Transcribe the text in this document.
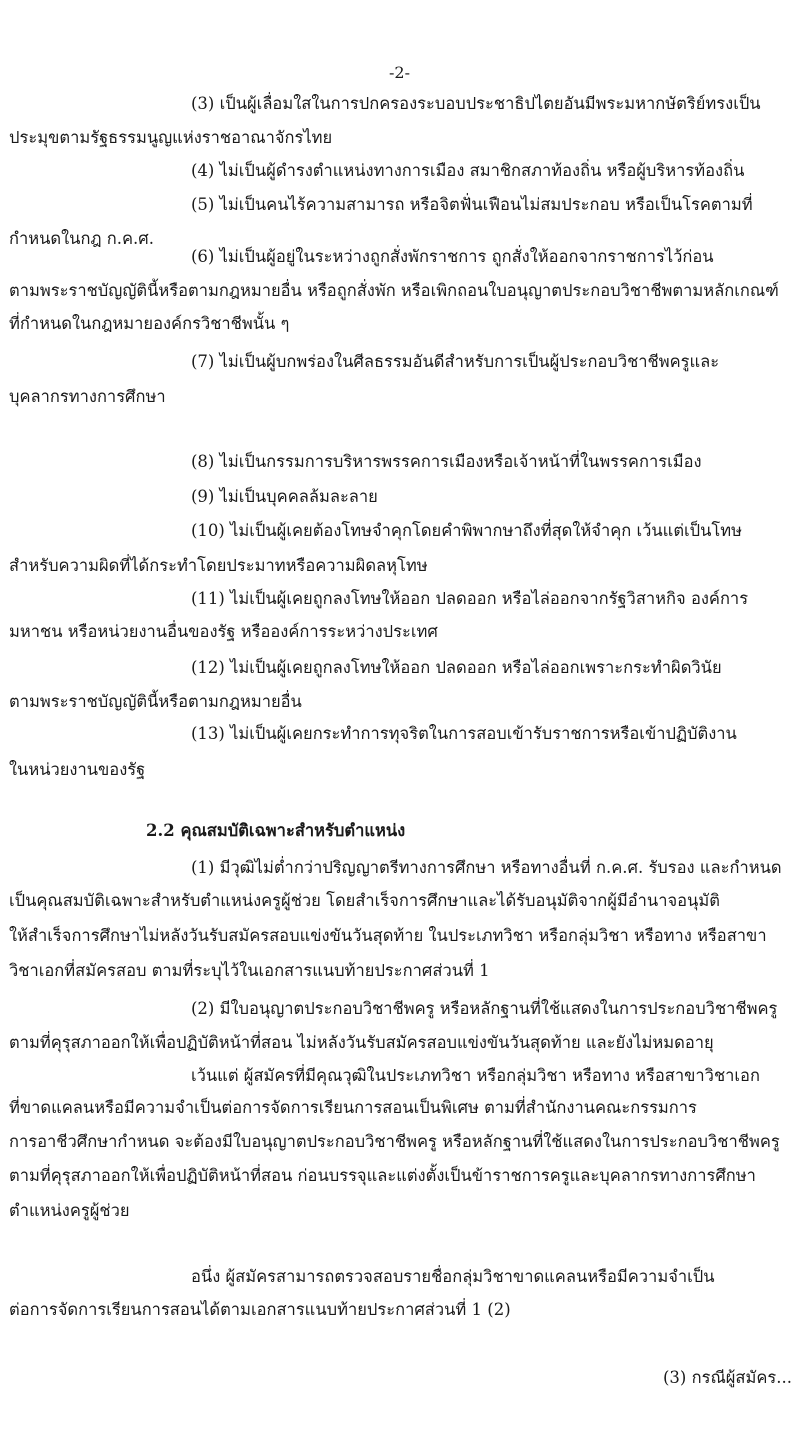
-2-
(3) เป็นผู้เลื่อมใสในการปกครองระบอบประชาธิปไตยอันมีพระมหากษัตริย์ทรงเป็น
ประมุขตามรัฐธรรมนูญแห่งราชอาณาจักรไทย
(4) ไม่เป็นผู้ดำรงตำแหน่งทางการเมือง สมาชิกสภาท้องถิ่น หรือผู้บริหารท้องถิ่น
(5) ไม่เป็นคนไร้ความสามารถ หรือจิตฟั่นเฟือนไม่สมประกอบ หรือเป็นโรคตามที่
กำหนดในกฎ ก.ค.ศ.
(6) ไม่เป็นผู้อยู่ในระหว่างถูกสั่งพักราชการ ถูกสั่งให้ออกจากราชการไว้ก่อน
ตามพระราชบัญญัตินี้หรือตามกฎหมายอื่น หรือถูกสั่งพัก หรือเพิกถอนใบอนุญาตประกอบวิชาชีพตามหลักเกณฑ์
ที่กำหนดในกฎหมายองค์กรวิชาชีพนั้น ๆ
(7) ไม่เป็นผู้บกพร่องในศีลธรรมอันดีสำหรับการเป็นผู้ประกอบวิชาชีพครูและ
บุคลากรทางการศึกษา
(8) ไม่เป็นกรรมการบริหารพรรคการเมืองหรือเจ้าหน้าที่ในพรรคการเมือง
(9) ไม่เป็นบุคคลล้มละลาย
(10) ไม่เป็นผู้เคยต้องโทษจำคุกโดยคำพิพากษาถึงที่สุดให้จำคุก เว้นแต่เป็นโทษ
สำหรับความผิดที่ได้กระทำโดยประมาทหรือความผิดลหุโทษ
(11) ไม่เป็นผู้เคยถูกลงโทษให้ออก ปลดออก หรือไล่ออกจากรัฐวิสาหกิจ องค์การ
มหาชน หรือหน่วยงานอื่นของรัฐ หรือองค์การระหว่างประเทศ
(12) ไม่เป็นผู้เคยถูกลงโทษให้ออก ปลดออก หรือไล่ออกเพราะกระทำผิดวินัย
ตามพระราชบัญญัตินี้หรือตามกฎหมายอื่น
(13) ไม่เป็นผู้เคยกระทำการทุจริตในการสอบเข้ารับราชการหรือเข้าปฏิบัติงาน
ในหน่วยงานของรัฐ
2.2 คุณสมบัติเฉพาะสำหรับตำแหน่ง
(1) มีวุฒิไม่ต่ำกว่าปริญญาตรีทางการศึกษา หรือทางอื่นที่ ก.ค.ศ. รับรอง และกำหนด
เป็นคุณสมบัติเฉพาะสำหรับตำแหน่งครูผู้ช่วย โดยสำเร็จการศึกษาและได้รับอนุมัติจากผู้มีอำนาจอนุมัติ
ให้สำเร็จการศึกษาไม่หลังวันรับสมัครสอบแข่งขันวันสุดท้าย ในประเภทวิชา หรือกลุ่มวิชา หรือทาง หรือสาขา
วิชาเอกที่สมัครสอบ ตามที่ระบุไว้ในเอกสารแนบท้ายประกาศส่วนที่ 1
(2) มีใบอนุญาตประกอบวิชาชีพครู หรือหลักฐานที่ใช้แสดงในการประกอบวิชาชีพครู
ตามที่คุรุสภาออกให้เพื่อปฏิบัติหน้าที่สอน ไม่หลังวันรับสมัครสอบแข่งขันวันสุดท้าย และยังไม่หมดอายุ
เว้นแต่ ผู้สมัครที่มีคุณวุฒิในประเภทวิชา หรือกลุ่มวิชา หรือทาง หรือสาขาวิชาเอก
ที่ขาดแคลนหรือมีความจำเป็นต่อการจัดการเรียนการสอนเป็นพิเศษ ตามที่สำนักงานคณะกรรมการ
การอาชีวศึกษากำหนด จะต้องมีใบอนุญาตประกอบวิชาชีพครู หรือหลักฐานที่ใช้แสดงในการประกอบวิชาชีพครู
ตามที่คุรุสภาออกให้เพื่อปฏิบัติหน้าที่สอน ก่อนบรรจุและแต่งตั้งเป็นข้าราชการครูและบุคลากรทางการศึกษา
ตำแหน่งครูผู้ช่วย
อนึ่ง ผู้สมัครสามารถตรวจสอบรายชื่อกลุ่มวิชาขาดแคลนหรือมีความจำเป็น
ต่อการจัดการเรียนการสอนได้ตามเอกสารแนบท้ายประกาศส่วนที่ 1 (2)
(3) กรณีผู้สมัคร...
